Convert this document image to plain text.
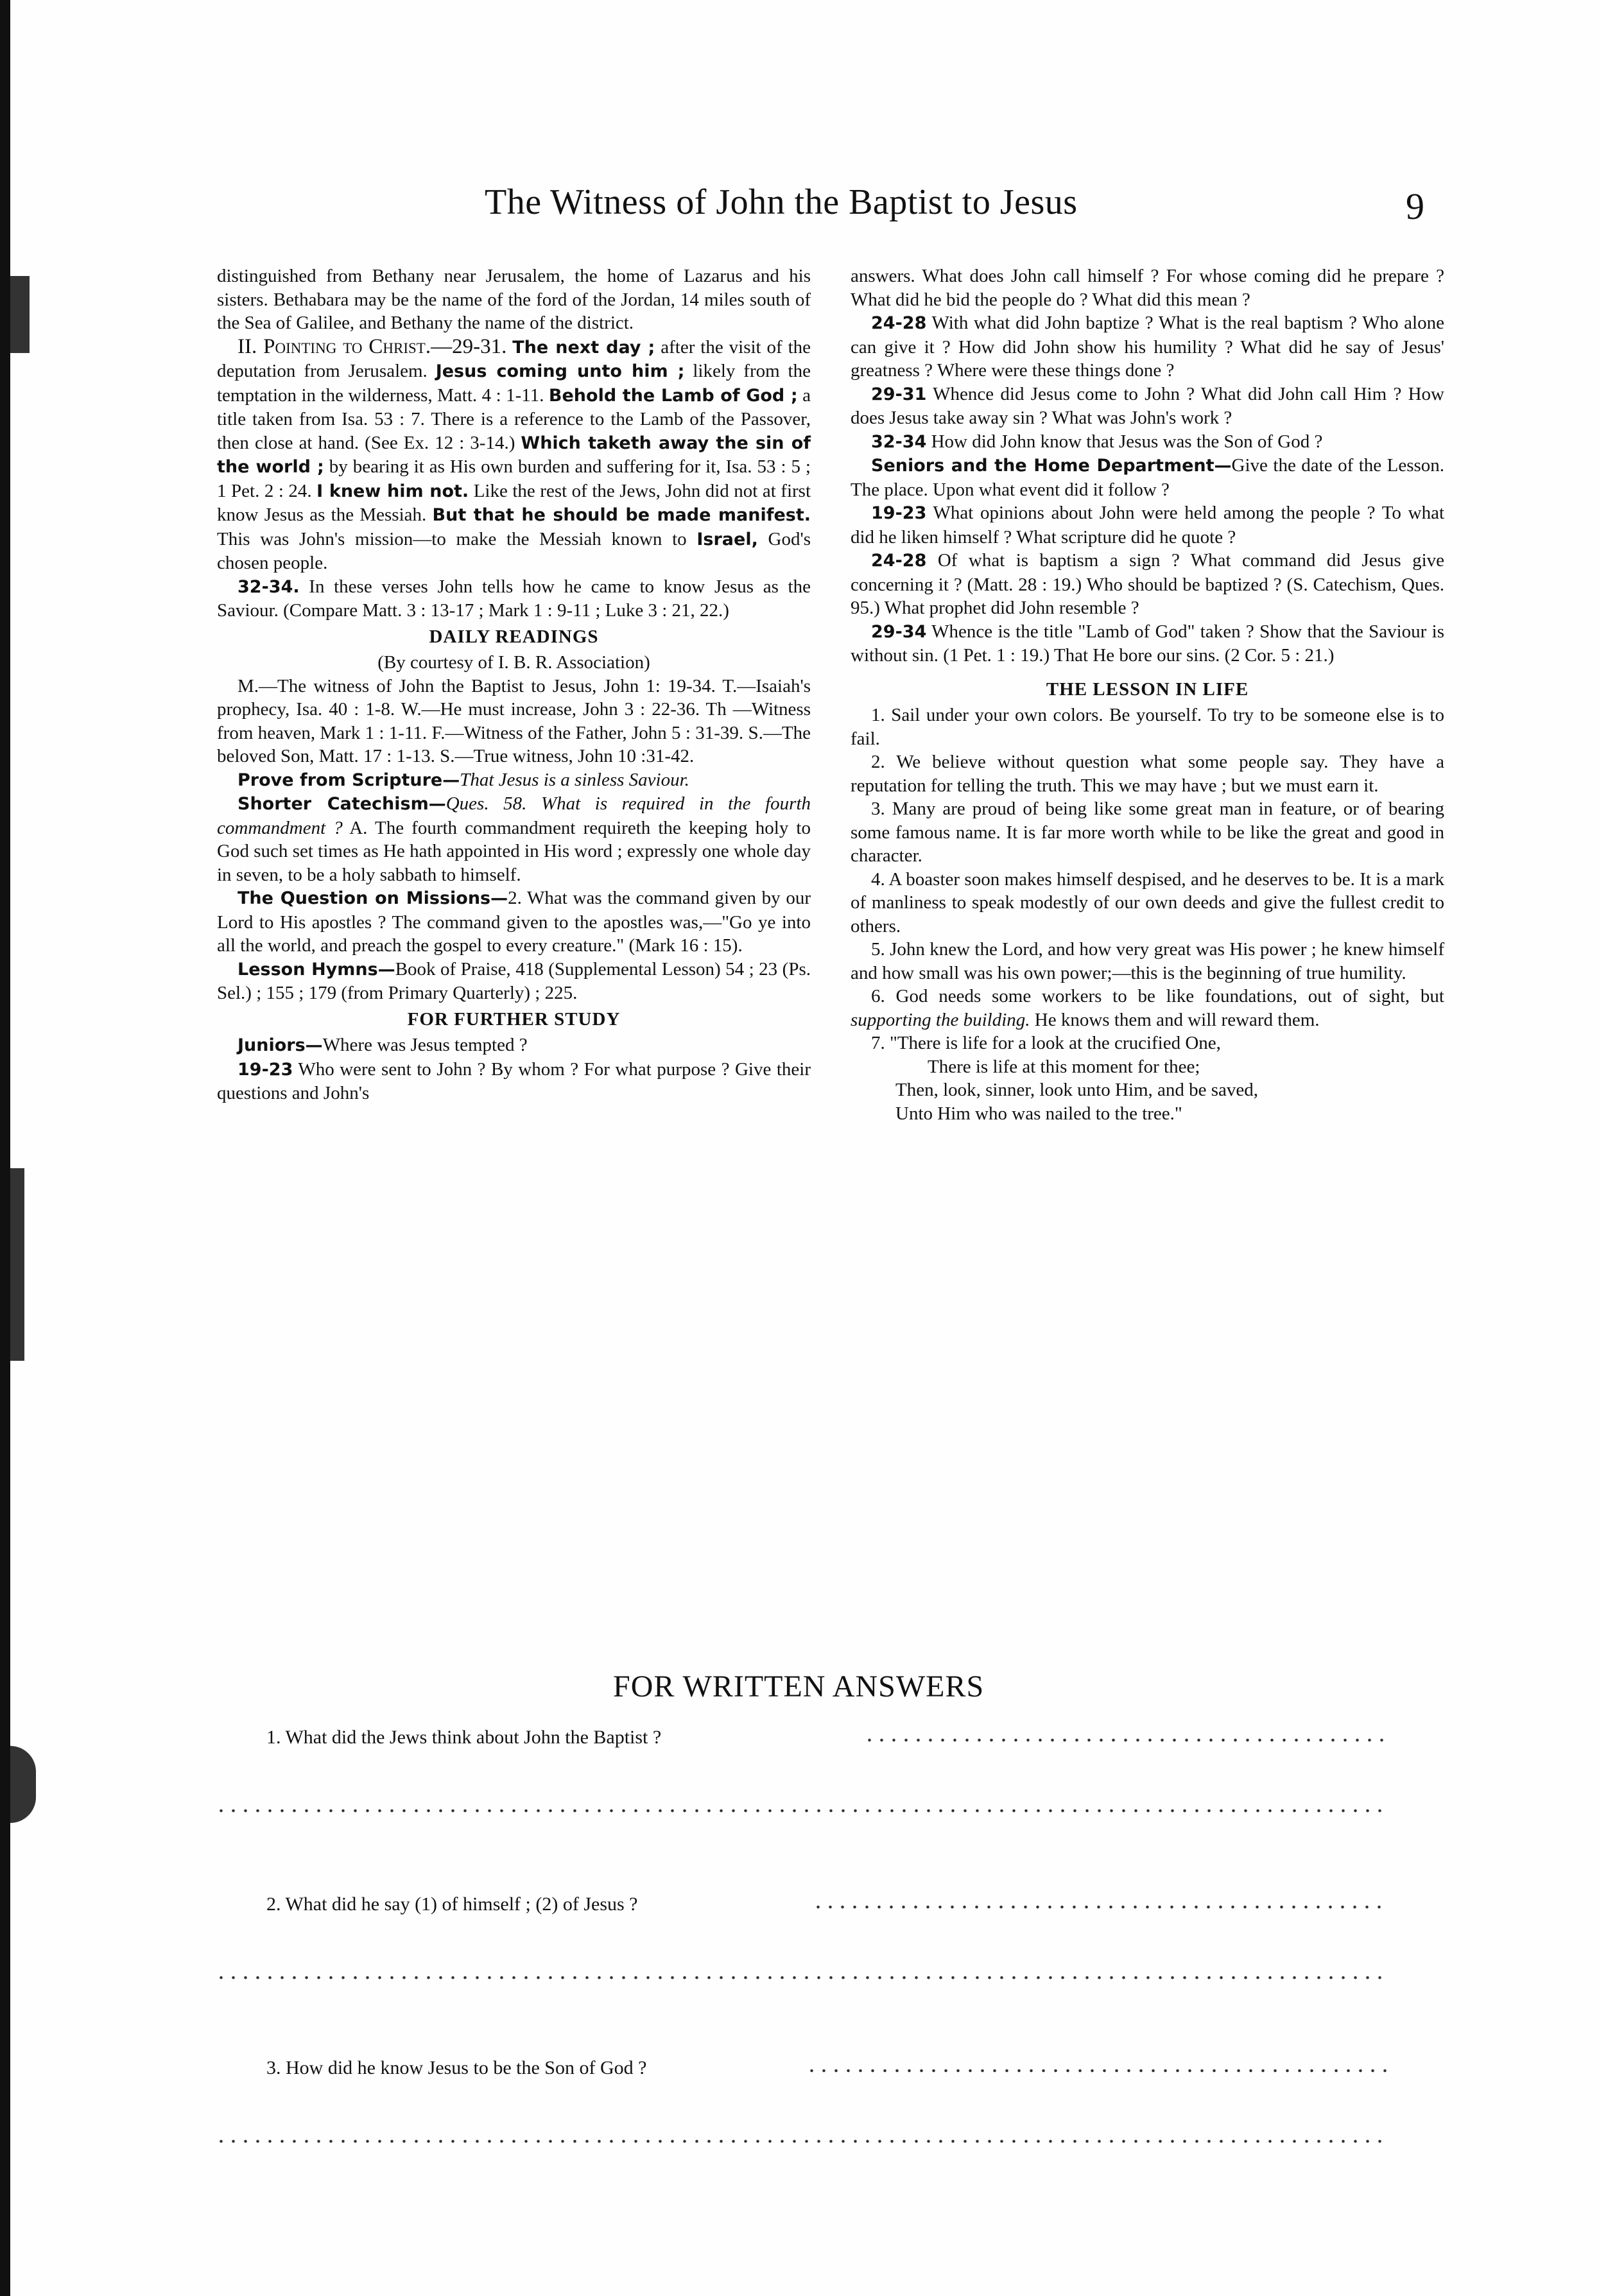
The Witness of John the Baptist to Jesus	9

distinguished from Bethany near Jerusalem, the home of Lazarus and his sisters. Bethabara may be the name of the ford of the Jordan, 14 miles south of the Sea of Galilee, and Bethany the name of the district.

II. Pointing to Christ.—29-31. The next day ; after the visit of the deputation from Jerusalem. Jesus coming unto him ; likely from the temptation in the wilderness, Matt. 4 : 1-11. Behold the Lamb of God ; a title taken from Isa. 53 : 7. There is a reference to the Lamb of the Passover, then close at hand. (See Ex. 12 : 3-14.) Which taketh away the sin of the world ; by bearing it as His own burden and suffering for it, Isa. 53 : 5 ; 1 Pet. 2 : 24. I knew him not. Like the rest of the Jews, John did not at first know Jesus as the Messiah. But that he should be made manifest. This was John's mission—to make the Messiah known to Israel, God's chosen people.

32-34. In these verses John tells how he came to know Jesus as the Saviour. (Compare Matt. 3 : 13-17 ; Mark 1 : 9-11 ; Luke 3 : 21, 22.)

DAILY READINGS
(By courtesy of I. B. R. Association)

M.—The witness of John the Baptist to Jesus, John 1: 19-34. T.—Isaiah's prophecy, Isa. 40 : 1-8. W.—He must increase, John 3 : 22-36. Th —Witness from heaven, Mark 1 : 1-11. F.—Witness of the Father, John 5 : 31-39. S.—The beloved Son, Matt. 17 : 1-13. S.—True witness, John 10 :31-42.

Prove from Scripture—That Jesus is a sinless Saviour.

Shorter Catechism—Ques. 58. What is required in the fourth commandment ? A. The fourth commandment requireth the keeping holy to God such set times as He hath appointed in His word ; expressly one whole day in seven, to be a holy sabbath to himself.

The Question on Missions—2. What was the command given by our Lord to His apostles ? The command given to the apostles was,—"Go ye into all the world, and preach the gospel to every creature." (Mark 16 : 15).

Lesson Hymns—Book of Praise, 418 (Supplemental Lesson) 54 ; 23 (Ps. Sel.) ; 155 ; 179 (from Primary Quarterly) ; 225.

FOR FURTHER STUDY

Juniors—Where was Jesus tempted ?

19-23 Who were sent to John ? By whom ? For what purpose ? Give their questions and John's

answers. What does John call himself ? For whose coming did he prepare ? What did he bid the people do ? What did this mean ?

24-28 With what did John baptize ? What is the real baptism ? Who alone can give it ? How did John show his humility ? What did he say of Jesus' greatness ? Where were these things done ?

29-31 Whence did Jesus come to John ? What did John call Him ? How does Jesus take away sin ? What was John's work ?

32-34 How did John know that Jesus was the Son of God ?

Seniors and the Home Department—Give the date of the Lesson. The place. Upon what event did it follow ?

19-23 What opinions about John were held among the people ? To what did he liken himself ? What scripture did he quote ?

24-28 Of what is baptism a sign ? What command did Jesus give concerning it ? (Matt. 28 : 19.) Who should be baptized ? (S. Catechism, Ques. 95.) What prophet did John resemble ?

29-34 Whence is the title "Lamb of God" taken ? Show that the Saviour is without sin. (1 Pet. 1 : 19.) That He bore our sins. (2 Cor. 5 : 21.)

THE LESSON IN LIFE

1. Sail under your own colors. Be yourself. To try to be someone else is to fail.

2. We believe without question what some people say. They have a reputation for telling the truth. This we may have ; but we must earn it.

3. Many are proud of being like some great man in feature, or of bearing some famous name. It is far more worth while to be like the great and good in character.

4. A boaster soon makes himself despised, and he deserves to be. It is a mark of manliness to speak modestly of our own deeds and give the fullest credit to others.

5. John knew the Lord, and how very great was His power ; he knew himself and how small was his own power;—this is the beginning of true humility.

6. God needs some workers to be like foundations, out of sight, but supporting the building. He knows them and will reward them.

7. "There is life for a look at the crucified One,

There is life at this moment for thee;

Then, look, sinner, look unto Him, and be saved,

Unto Him who was nailed to the tree."

FOR WRITTEN ANSWERS
1. What did the Jews think about John the Baptist ?
2. What did he say (1) of himself ; (2) of Jesus ?
3. How did he know Jesus to be the Son of God ?
